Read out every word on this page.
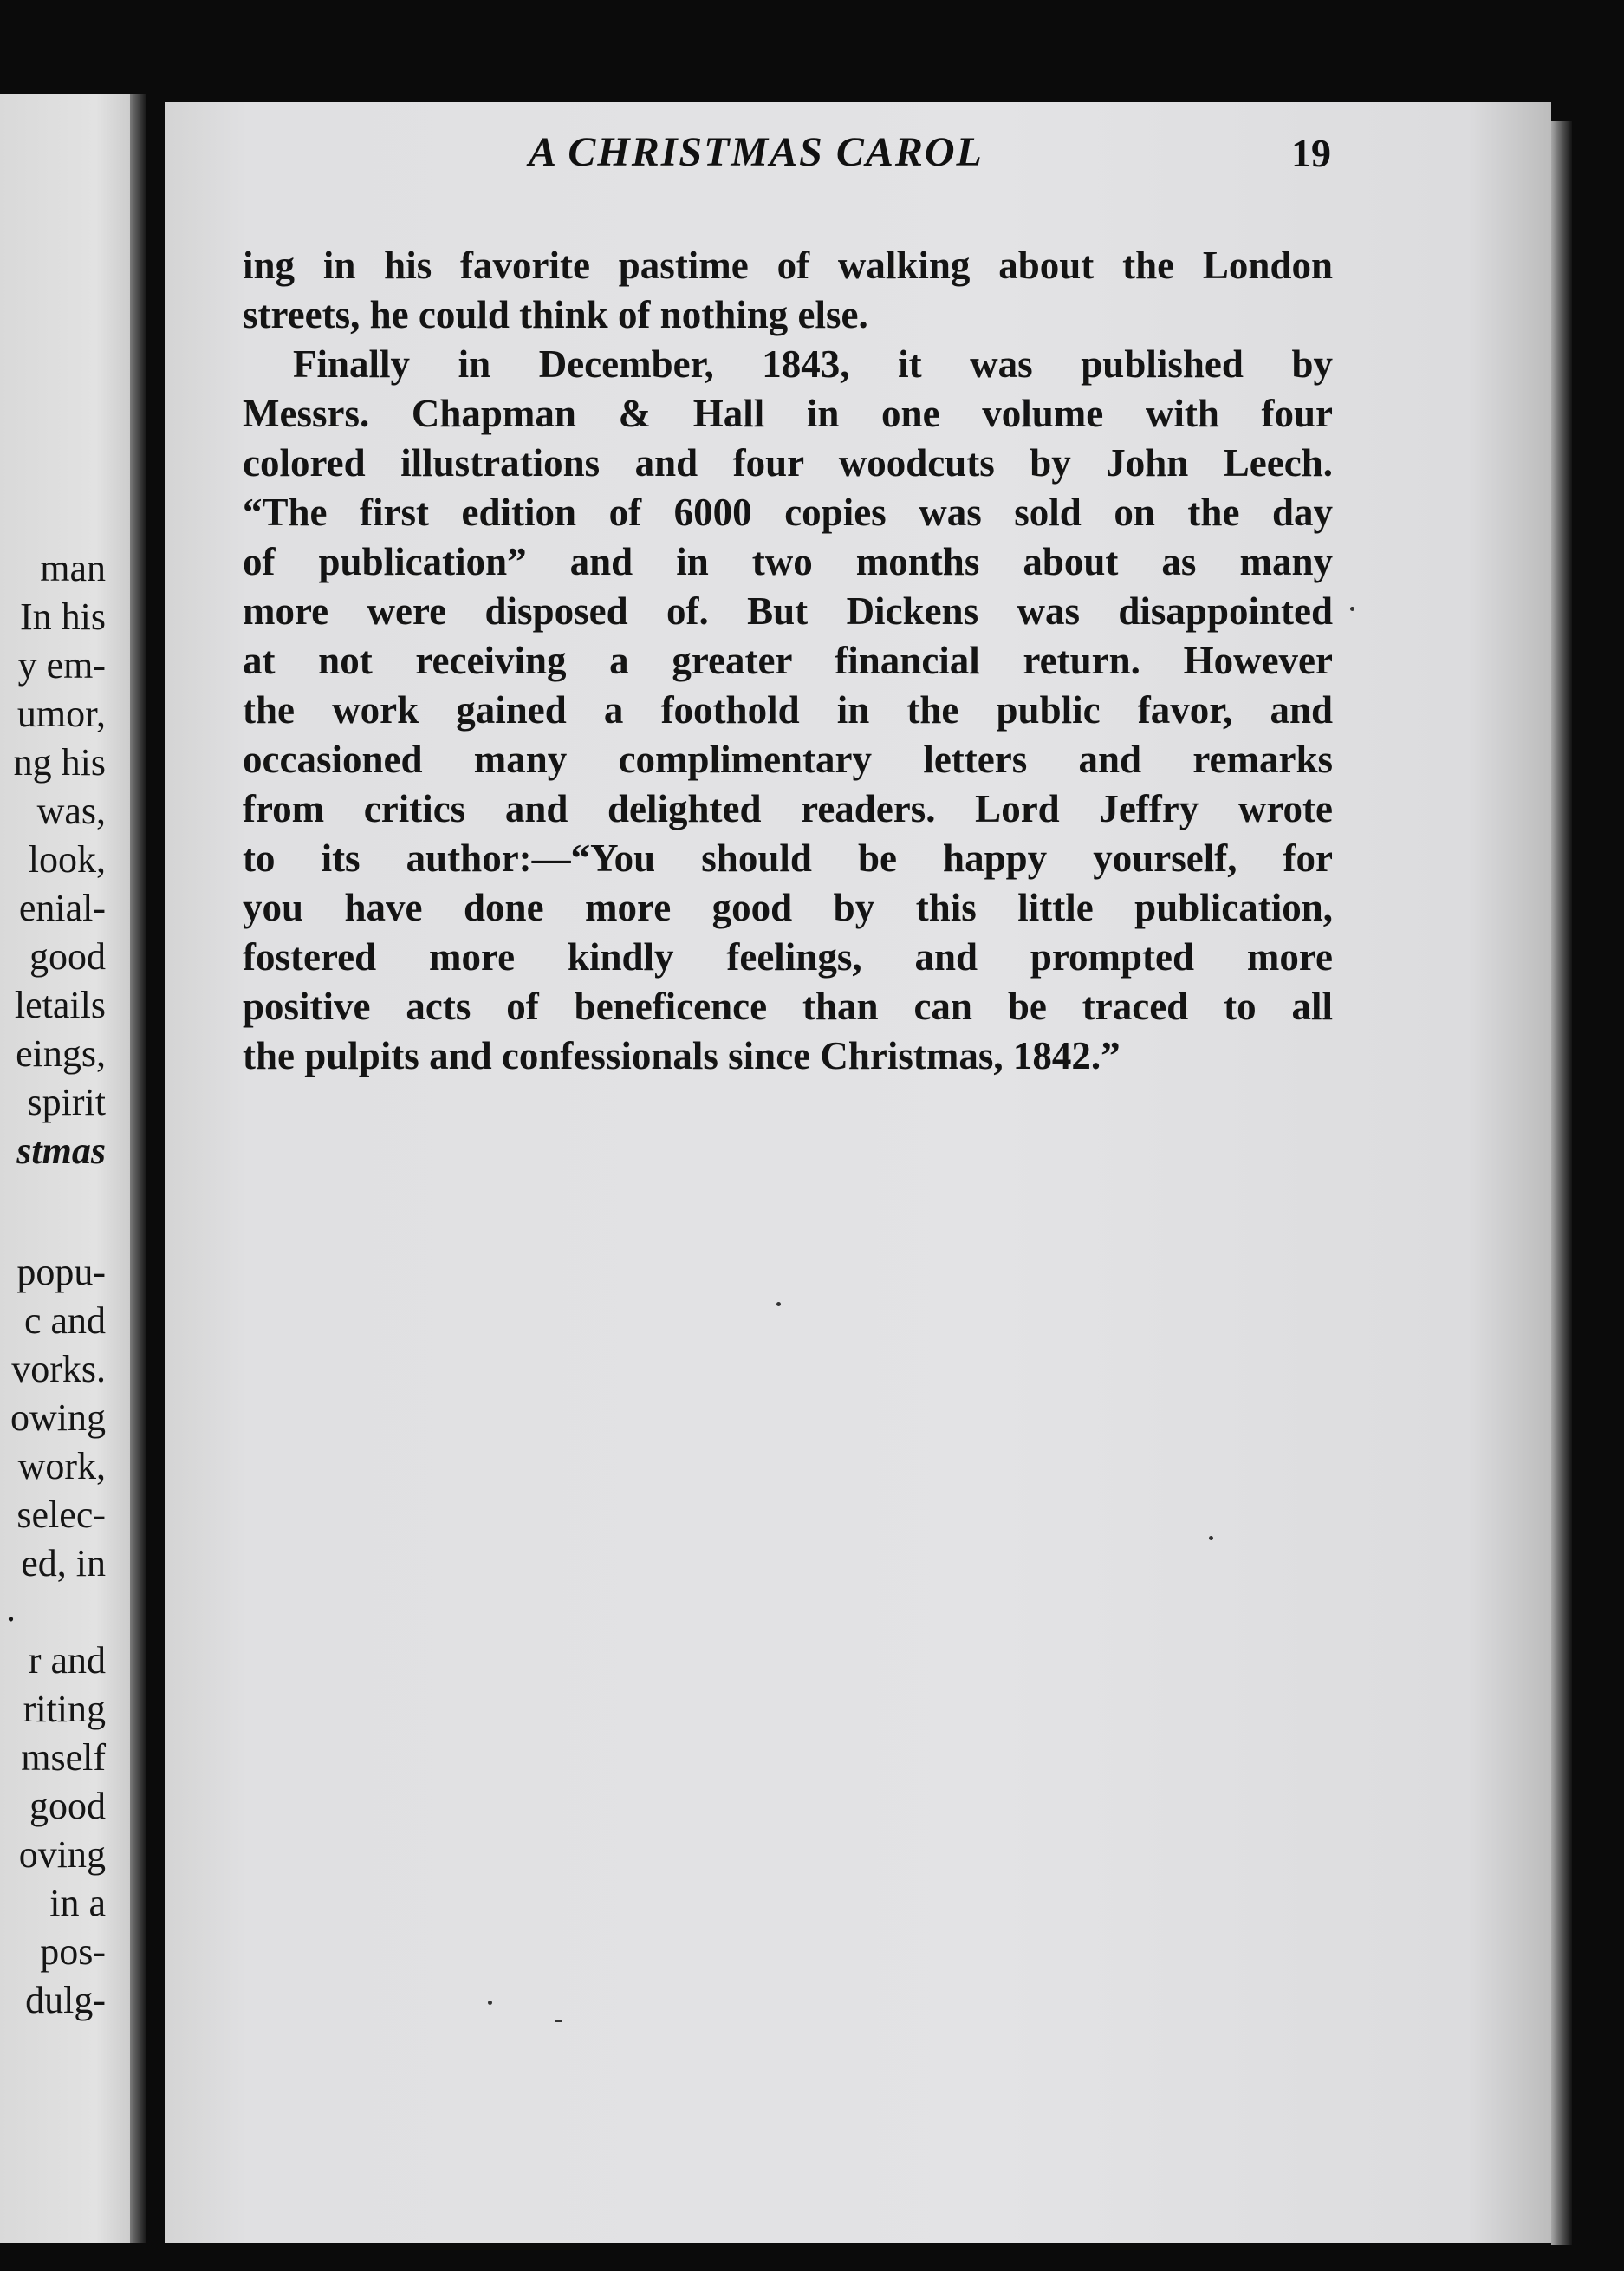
man
In his
y em-
umor,
ng his
was,
look,
enial-
good
letails
eings,
spirit
stmas
popu-
c and
vorks.
owing
work,
selec-
ed, in
.
r and
riting
mself
good
oving
in a
pos-
dulg-
A CHRISTMAS CAROL	19
ing in his favorite pastime of walking about the London
streets, he could think of nothing else.
Finally in December, 1843, it was published by
Messrs. Chapman & Hall in one volume with four
colored illustrations and four woodcuts by John Leech.
“The first edition of 6000 copies was sold on the day
of publication” and in two months about as many
more were disposed of. But Dickens was disappointed
at not receiving a greater financial return. However
the work gained a foothold in the public favor, and
occasioned many complimentary letters and remarks
from critics and delighted readers. Lord Jeffry wrote
to its author:—“You should be happy yourself, for
you have done more good by this little publication,
fostered more kindly feelings, and prompted more
positive acts of beneficence than can be traced to all
the pulpits and confessionals since Christmas, 1842.”
